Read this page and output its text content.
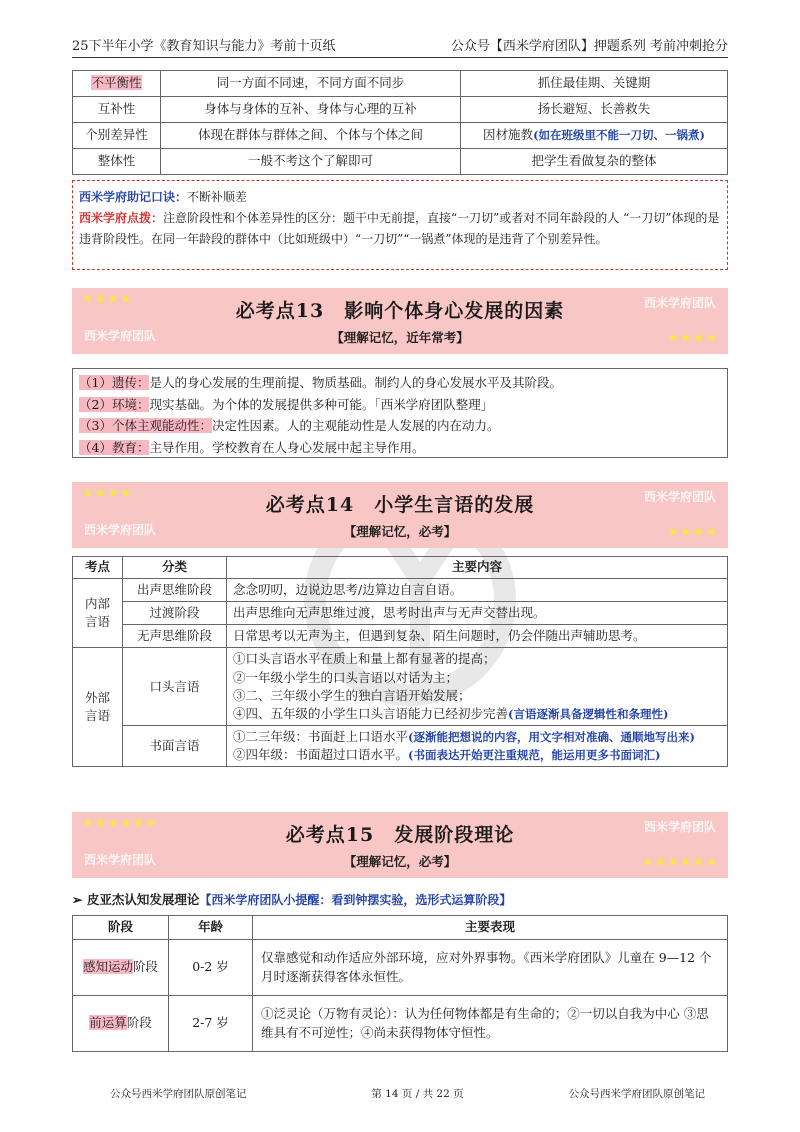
25下半年小学《教育知识与能力》考前十页纸	公众号【西米学府团队】押题系列 考前冲刺抢分
不平衡性	同一方面不同速，不同方面不同步	抓住最佳期、关键期
互补性	身体与身体的互补、身体与心理的互补	扬长避短、长善救失
个别差异性	体现在群体与群体之间、个体与个体之间	因材施教(如在班级里不能一刀切、一锅煮)
整体性	一般不考这个了解即可	把学生看做复杂的整体
西米学府助记口诀：不断补顺差
西米学府点拨：注意阶段性和个体差异性的区分：题干中无前提，直接“一刀切”或者对不同年龄段的人 “一刀切”体现的是违背阶段性。在同一年龄段的群体中（比如班级中）“一刀切”“一锅煮”体现的是违背了个别差异性。
★★★★	西米学府团队
西米学府团队	★★★★
必考点13　影响个体身心发展的因素
【理解记忆，近年常考】
（1）遗传：是人的身心发展的生理前提、物质基础。制约人的身心发展水平及其阶段。
（2）环境：现实基础。为个体的发展提供多种可能。「西米学府团队整理」
（3）个体主观能动性：决定性因素。人的主观能动性是人发展的内在动力。
（4）教育：主导作用。学校教育在人身心发展中起主导作用。
★★★★	西米学府团队
西米学府团队	★★★★
必考点14　小学生言语的发展
【理解记忆，必考】
考点	分类	主要内容
内部言语	出声思维阶段	念念叨叨，边说边思考/边算边自言自语。
	过渡阶段	出声思维向无声思维过渡，思考时出声与无声交替出现。
	无声思维阶段	日常思考以无声为主，但遇到复杂、陌生问题时，仍会伴随出声辅助思考。
外部言语	口头言语	①口头言语水平在质上和量上都有显著的提高；
②一年级小学生的口头言语以对话为主；
③二、三年级小学生的独白言语开始发展；
④四、五年级的小学生口头言语能力已经初步完善(言语逐渐具备逻辑性和条理性)

	书面言语	①二三年级：书面赶上口语水平(逐渐能把想说的内容，用文字相对准确、通顺地写出来)
②四年级：书面超过口语水平。(书面表达开始更注重规范，能运用更多书面词汇)
★★★★★★	西米学府团队
西米学府团队	★★★★★★
必考点15　发展阶段理论
【理解记忆，必考】
➢ 皮亚杰认知发展理论【西米学府团队小提醒：看到钟摆实验，选形式运算阶段】
阶段	年龄	主要表现
感知运动阶段	0-2 岁	仅靠感觉和动作适应外部环境，应对外界事物。《西米学府团队》儿童在 9—12 个月时逐渐获得客体永恒性。
前运算阶段	2-7 岁	①泛灵论（万物有灵论）：认为任何物体都是有生命的；②一切以自我为中心 ③思维具有不可逆性；④尚未获得物体守恒性。
公众号西米学府团队原创笔记	第 14 页 / 共 22 页	公众号西米学府团队原创笔记
